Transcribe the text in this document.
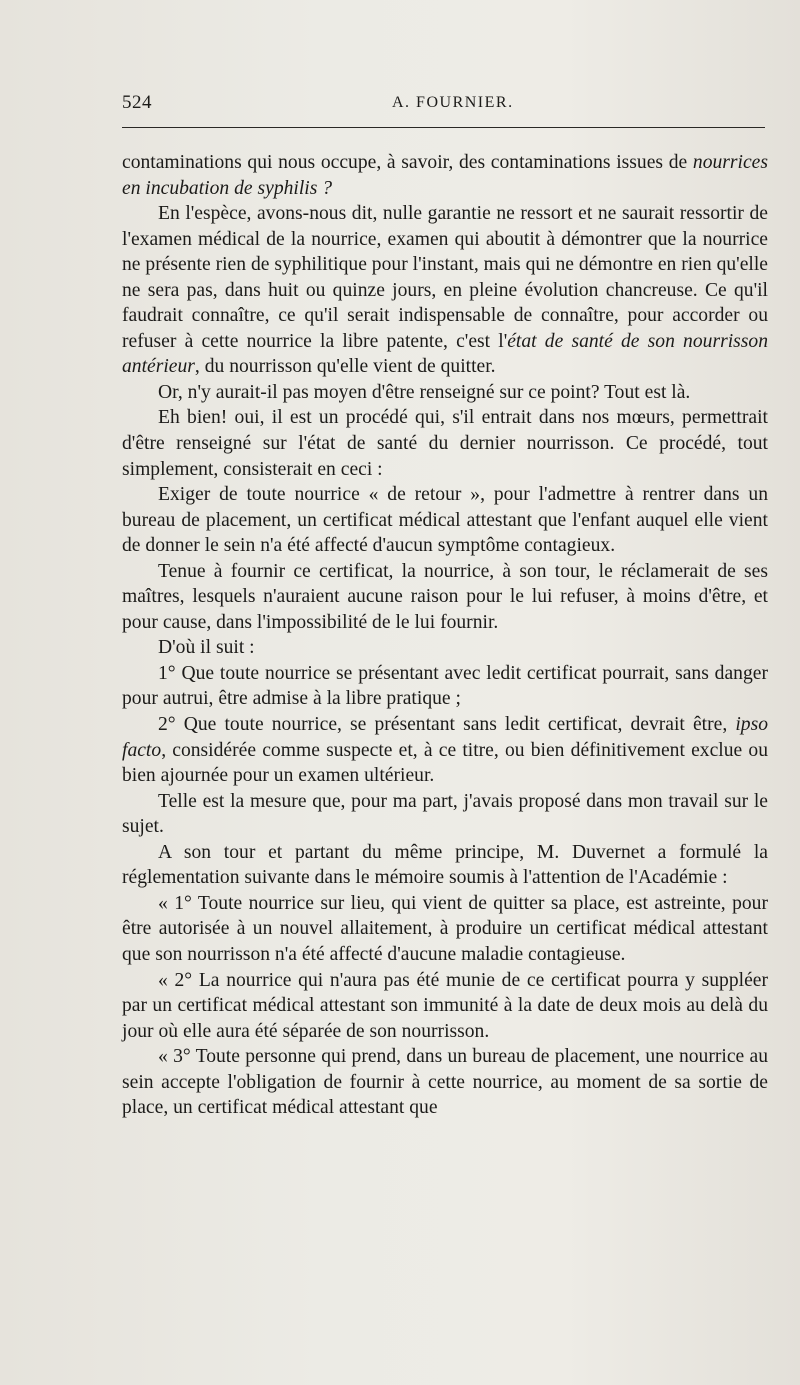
524	A. FOURNIER.

contaminations qui nous occupe, à savoir, des contaminations issues de nourrices en incubation de syphilis ?

En l'espèce, avons-nous dit, nulle garantie ne ressort et ne saurait ressortir de l'examen médical de la nourrice, examen qui aboutit à démontrer que la nourrice ne présente rien de syphilitique pour l'instant, mais qui ne démontre en rien qu'elle ne sera pas, dans huit ou quinze jours, en pleine évolution chancreuse. Ce qu'il faudrait connaître, ce qu'il serait indispensable de connaître, pour accorder ou refuser à cette nourrice la libre patente, c'est l'état de santé de son nourrisson antérieur, du nourrisson qu'elle vient de quitter.

Or, n'y aurait-il pas moyen d'être renseigné sur ce point? Tout est là.

Eh bien! oui, il est un procédé qui, s'il entrait dans nos mœurs, permettrait d'être renseigné sur l'état de santé du dernier nourrisson. Ce procédé, tout simplement, consisterait en ceci :

Exiger de toute nourrice « de retour », pour l'admettre à rentrer dans un bureau de placement, un certificat médical attestant que l'enfant auquel elle vient de donner le sein n'a été affecté d'aucun symptôme contagieux.

Tenue à fournir ce certificat, la nourrice, à son tour, le réclamerait de ses maîtres, lesquels n'auraient aucune raison pour le lui refuser, à moins d'être, et pour cause, dans l'impossibilité de le lui fournir.

D'où il suit :

1° Que toute nourrice se présentant avec ledit certificat pourrait, sans danger pour autrui, être admise à la libre pratique ;

2° Que toute nourrice, se présentant sans ledit certificat, devrait être, ipso facto, considérée comme suspecte et, à ce titre, ou bien définitivement exclue ou bien ajournée pour un examen ultérieur.

Telle est la mesure que, pour ma part, j'avais proposé dans mon travail sur le sujet.

A son tour et partant du même principe, M. Duvernet a formulé la réglementation suivante dans le mémoire soumis à l'attention de l'Académie :

« 1° Toute nourrice sur lieu, qui vient de quitter sa place, est astreinte, pour être autorisée à un nouvel allaitement, à produire un certificat médical attestant que son nourrisson n'a été affecté d'aucune maladie contagieuse.

« 2° La nourrice qui n'aura pas été munie de ce certificat pourra y suppléer par un certificat médical attestant son immunité à la date de deux mois au delà du jour où elle aura été séparée de son nourrisson.

« 3° Toute personne qui prend, dans un bureau de placement, une nourrice au sein accepte l'obligation de fournir à cette nourrice, au moment de sa sortie de place, un certificat médical attestant que
